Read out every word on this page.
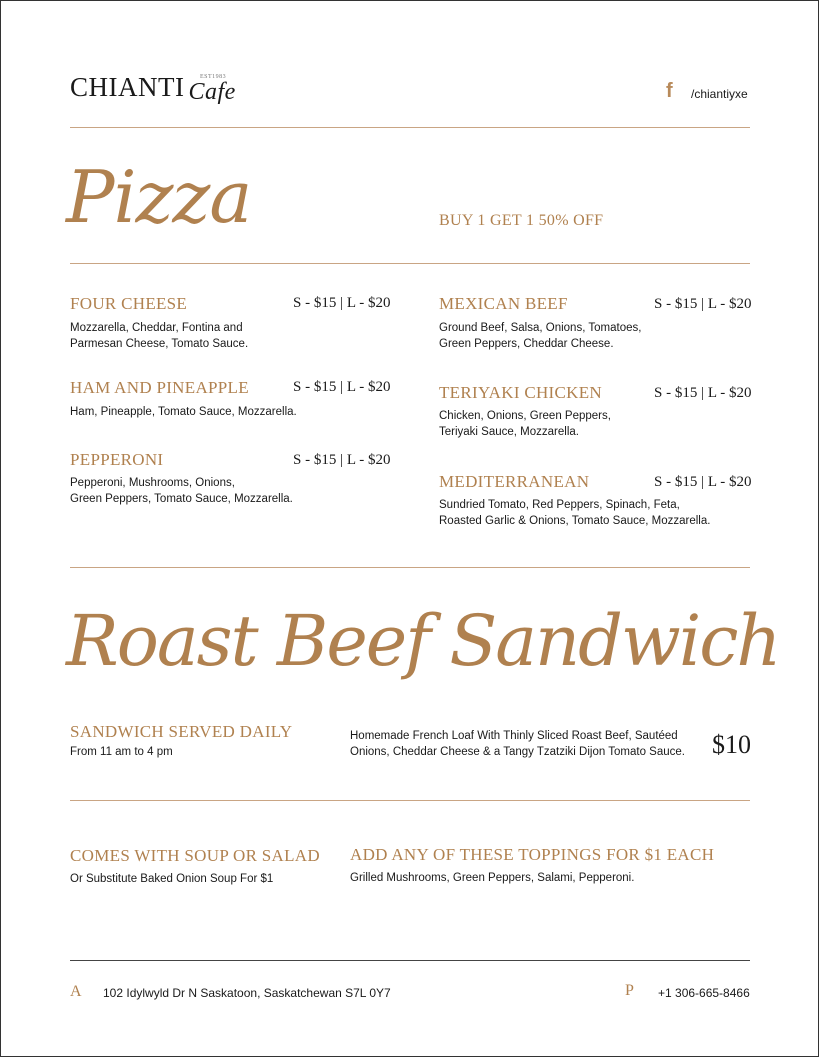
CHIANTI	EST1983
Cafe	f /chiantiyxe
Pizza	BUY 1 GET 1 50% OFF
FOUR CHEESE	S - $15 | L - $20
Mozzarella, Cheddar, Fontina and
Parmesan Cheese, Tomato Sauce.
HAM AND PINEAPPLE	S - $15 | L - $20
Ham, Pineapple, Tomato Sauce, Mozzarella.
PEPPERONI	S - $15 | L - $20
Pepperoni, Mushrooms, Onions,
Green Peppers, Tomato Sauce, Mozzarella.
MEXICAN BEEF	S - $15 | L - $20
Ground Beef, Salsa, Onions, Tomatoes,
Green Peppers, Cheddar Cheese.
TERIYAKI CHICKEN	S - $15 | L - $20
Chicken, Onions, Green Peppers,
Teriyaki Sauce, Mozzarella.
MEDITERRANEAN	S - $15 | L - $20
Sundried Tomato, Red Peppers, Spinach, Feta,
Roasted Garlic & Onions, Tomato Sauce, Mozzarella.
Roast Beef Sandwich
SANDWICH SERVED DAILY
From 11 am to 4 pm
Homemade French Loaf With Thinly Sliced Roast Beef, Sautéed
Onions, Cheddar Cheese & a Tangy Tzatziki Dijon Tomato Sauce. $10
COMES WITH SOUP OR SALAD
Or Substitute Baked Onion Soup For $1
ADD ANY OF THESE TOPPINGS FOR $1 EACH
Grilled Mushrooms, Green Peppers, Salami, Pepperoni.
A 102 Idylwyld Dr N Saskatoon, Saskatchewan S7L 0Y7	P +1 306-665-8466
